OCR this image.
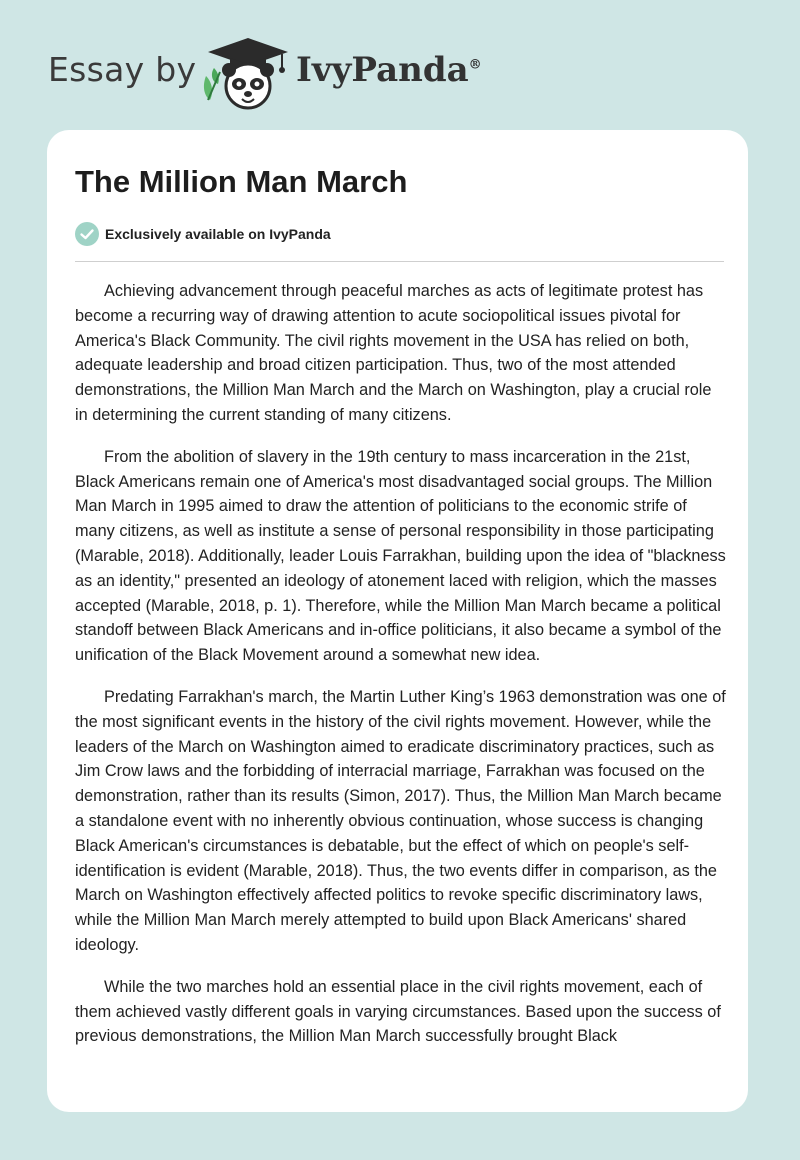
Essay by	IvyPanda®
The Million Man March
Exclusively available on IvyPanda

Achieving advancement through peaceful marches as acts of legitimate protest has become a recurring way of drawing attention to acute sociopolitical issues pivotal for America's Black Community. The civil rights movement in the USA has relied on both, adequate leadership and broad citizen participation. Thus, two of the most attended demonstrations, the Million Man March and the March on Washington, play a crucial role in determining the current standing of many citizens.

From the abolition of slavery in the 19th century to mass incarceration in the 21st, Black Americans remain one of America's most disadvantaged social groups. The Million Man March in 1995 aimed to draw the attention of politicians to the economic strife of many citizens, as well as institute a sense of personal responsibility in those participating (Marable, 2018). Additionally, leader Louis Farrakhan, building upon the idea of "blackness as an identity," presented an ideology of atonement laced with religion, which the masses accepted (Marable, 2018, p. 1). Therefore, while the Million Man March became a political standoff between Black Americans and in-office politicians, it also became a symbol of the unification of the Black Movement around a somewhat new idea.

Predating Farrakhan's march, the Martin Luther King’s 1963 demonstration was one of the most significant events in the history of the civil rights movement. However, while the leaders of the March on Washington aimed to eradicate discriminatory practices, such as Jim Crow laws and the forbidding of interracial marriage, Farrakhan was focused on the demonstration, rather than its results (Simon, 2017). Thus, the Million Man March became a standalone event with no inherently obvious continuation, whose success is changing Black American's circumstances is debatable, but the effect of which on people's self-identification is evident (Marable, 2018). Thus, the two events differ in comparison, as the March on Washington effectively affected politics to revoke specific discriminatory laws, while the Million Man March merely attempted to build upon Black Americans' shared ideology.

While the two marches hold an essential place in the civil rights movement, each of them achieved vastly different goals in varying circumstances. Based upon the success of previous demonstrations, the Million Man March successfully brought Black
